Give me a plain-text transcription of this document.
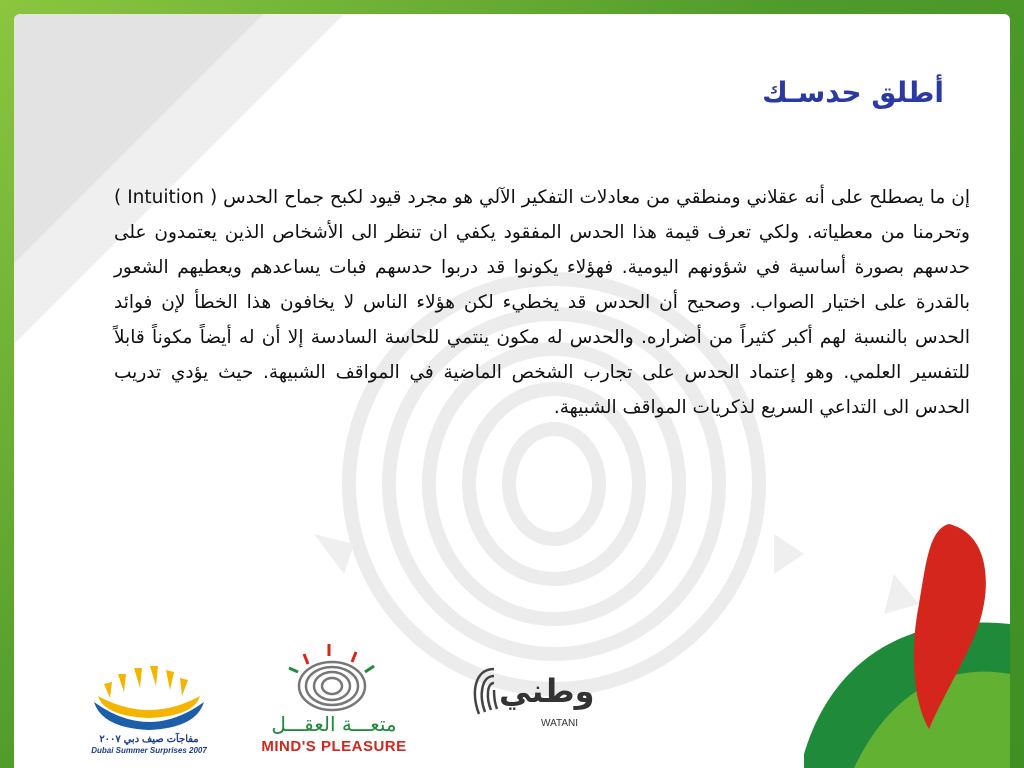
أطلق حدسـك
إن ما يصطلح على أنه عقلاني ومنطقي من معادلات التفكير الآلي هو مجرد قيود لكبح جماح الحدس ( Intuition ) وتحرمنا من معطياته. ولكي تعرف قيمة هذا الحدس المفقود يكفي ان تنظر الى الأشخاص الذين يعتمدون على حدسهم بصورة أساسية في شؤونهم اليومية. فهؤلاء يكونوا قد دربوا حدسهم فبات يساعدهم ويعطيهم الشعور بالقدرة على اختيار الصواب. وصحيح أن الحدس قد يخطيء لكن هؤلاء الناس لا يخافون هذا الخطأ لإن فوائد الحدس بالنسبة لهم أكبر كثيراً من أضراره. والحدس له مكون ينتمي للحاسة السادسة إلا أن له أيضاً مكوناً قابلاً للتفسير العلمي. وهو إعتماد الحدس على تجارب الشخص الماضية في المواقف الشبيهة. حيث يؤدي تدريب الحدس الى التداعي السريع لذكريات المواقف الشبيهة.
مفاجآت صيف دبي ٢٠٠٧
Dubai Summer Surprises 2007
متعـــة العقـــل
MIND'S PLEASURE
وطني
WATANI
